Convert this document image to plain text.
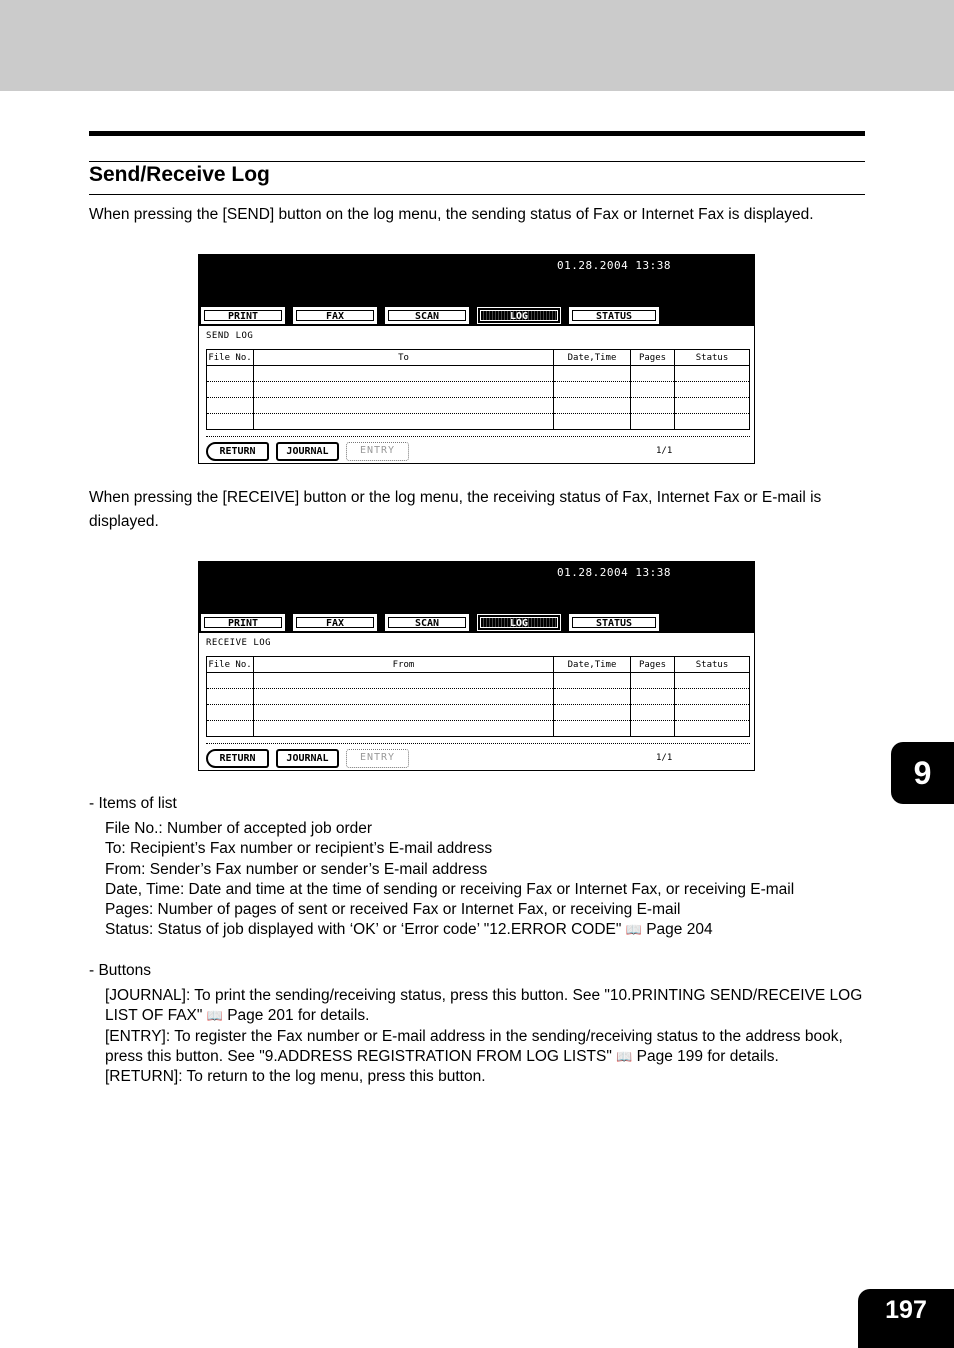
Send/Receive Log
When pressing the [SEND] button on the log menu, the sending status of Fax or Internet Fax is displayed.
01.28.2004 13:38
PRINT	FAX	SCAN	LOG	STATUS
SEND LOG
File No.	To	Date,Time	Pages	Status

RETURN	JOURNAL	ENTRY	1/1
When pressing the [RECEIVE] button or the log menu, the receiving status of Fax, Internet Fax or E-mail is displayed.
01.28.2004 13:38
PRINT	FAX	SCAN	LOG	STATUS
RECEIVE LOG
File No.	From	Date,Time	Pages	Status

RETURN	JOURNAL	ENTRY	1/1
- Items of list
File No.: Number of accepted job order
To: Recipient’s Fax number or recipient’s E-mail address
From: Sender’s Fax number or sender’s E-mail address
Date, Time: Date and time at the time of sending or receiving Fax or Internet Fax, or receiving E-mail
Pages: Number of pages of sent or received Fax or Internet Fax, or receiving E-mail
Status: Status of job displayed with ‘OK’ or ‘Error code’ "12.ERROR CODE" 📖 Page 204
- Buttons
[JOURNAL]: To print the sending/receiving status, press this button. See "10.PRINTING SEND/RECEIVE LOG LIST OF FAX" 📖 Page 201 for details.
[ENTRY]: To register the Fax number or E-mail address in the sending/receiving status to the address book, press this button. See "9.ADDRESS REGISTRATION FROM LOG LISTS" 📖 Page 199 for details.
[RETURN]: To return to the log menu, press this button.
9
197
